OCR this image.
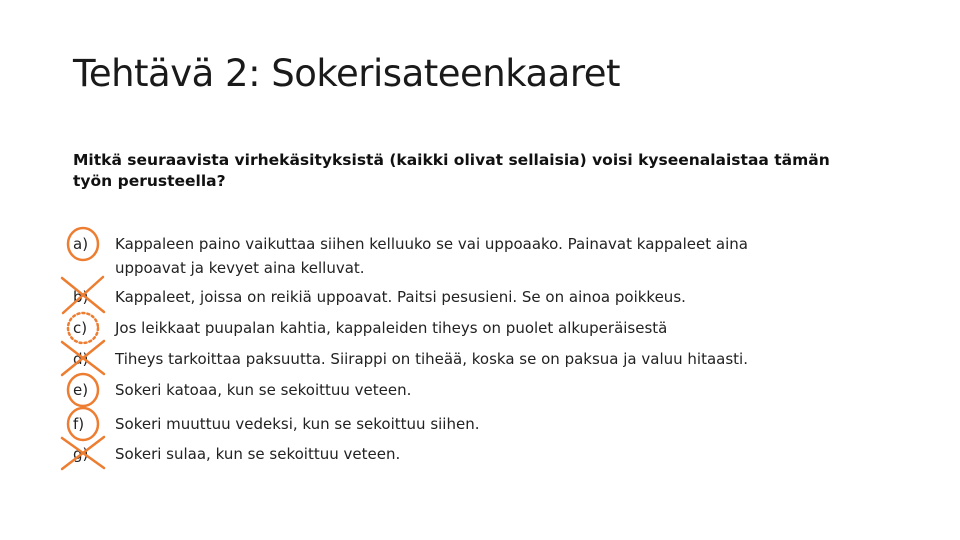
Tehtävä 2: Sokerisateenkaaret

Mitkä seuraavista virhekäsityksistä (kaikki olivat sellaisia) voisi kyseenalaistaa tämän työn perusteella?

a)	Kappaleen paino vaikuttaa siihen kelluuko se vai uppoaako. Painavat kappaleet aina
uppoavat ja kevyet aina kelluvat.
b)	Kappaleet, joissa on reikiä uppoavat. Paitsi pesusieni. Se on ainoa poikkeus.
c)	Jos leikkaat puupalan kahtia, kappaleiden tiheys on puolet alkuperäisestä
d)	Tiheys tarkoittaa paksuutta. Siirappi on tiheää, koska se on paksua ja valuu hitaasti.
e)	Sokeri katoaa, kun se sekoittuu veteen.
f)	Sokeri muuttuu vedeksi, kun se sekoittuu siihen.
g)	Sokeri sulaa, kun se sekoittuu veteen.
